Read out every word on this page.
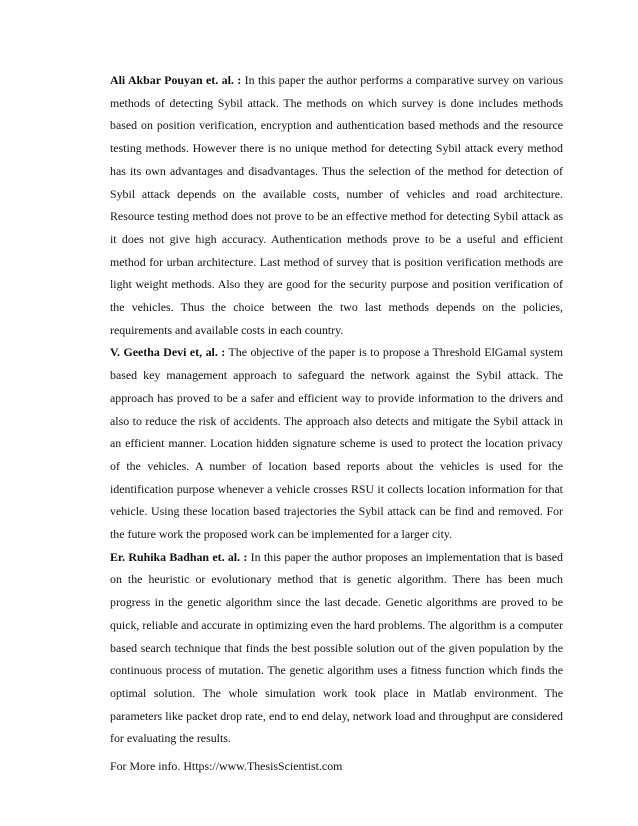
Ali Akbar Pouyan et. al. : In this paper the author performs a comparative survey on various methods of detecting Sybil attack. The methods on which survey is done includes methods based on position verification, encryption and authentication based methods and the resource testing methods. However there is no unique method for detecting Sybil attack every method has its own advantages and disadvantages. Thus the selection of the method for detection of Sybil attack depends on the available costs, number of vehicles and road architecture. Resource testing method does not prove to be an effective method for detecting Sybil attack as it does not give high accuracy. Authentication methods prove to be a useful and efficient method for urban architecture. Last method of survey that is position verification methods are light weight methods. Also they are good for the security purpose and position verification of the vehicles. Thus the choice between the two last methods depends on the policies, requirements and available costs in each country.

V. Geetha Devi et, al. : The objective of the paper is to propose a Threshold ElGamal system based key management approach to safeguard the network against the Sybil attack. The approach has proved to be a safer and efficient way to provide information to the drivers and also to reduce the risk of accidents. The approach also detects and mitigate the Sybil attack in an efficient manner. Location hidden signature scheme is used to protect the location privacy of the vehicles. A number of location based reports about the vehicles is used for the identification purpose whenever a vehicle crosses RSU it collects location information for that vehicle. Using these location based trajectories the Sybil attack can be find and removed. For the future work the proposed work can be implemented for a larger city.

Er. Ruhika Badhan et. al. : In this paper the author proposes an implementation that is based on the heuristic or evolutionary method that is genetic algorithm. There has been much progress in the genetic algorithm since the last decade. Genetic algorithms are proved to be quick, reliable and accurate in optimizing even the hard problems. The algorithm is a computer based search technique that finds the best possible solution out of the given population by the continuous process of mutation. The genetic algorithm uses a fitness function which finds the optimal solution. The whole simulation work took place in Matlab environment. The parameters like packet drop rate, end to end delay, network load and throughput are considered for evaluating the results.

For More info. Https://www.ThesisScientist.com
